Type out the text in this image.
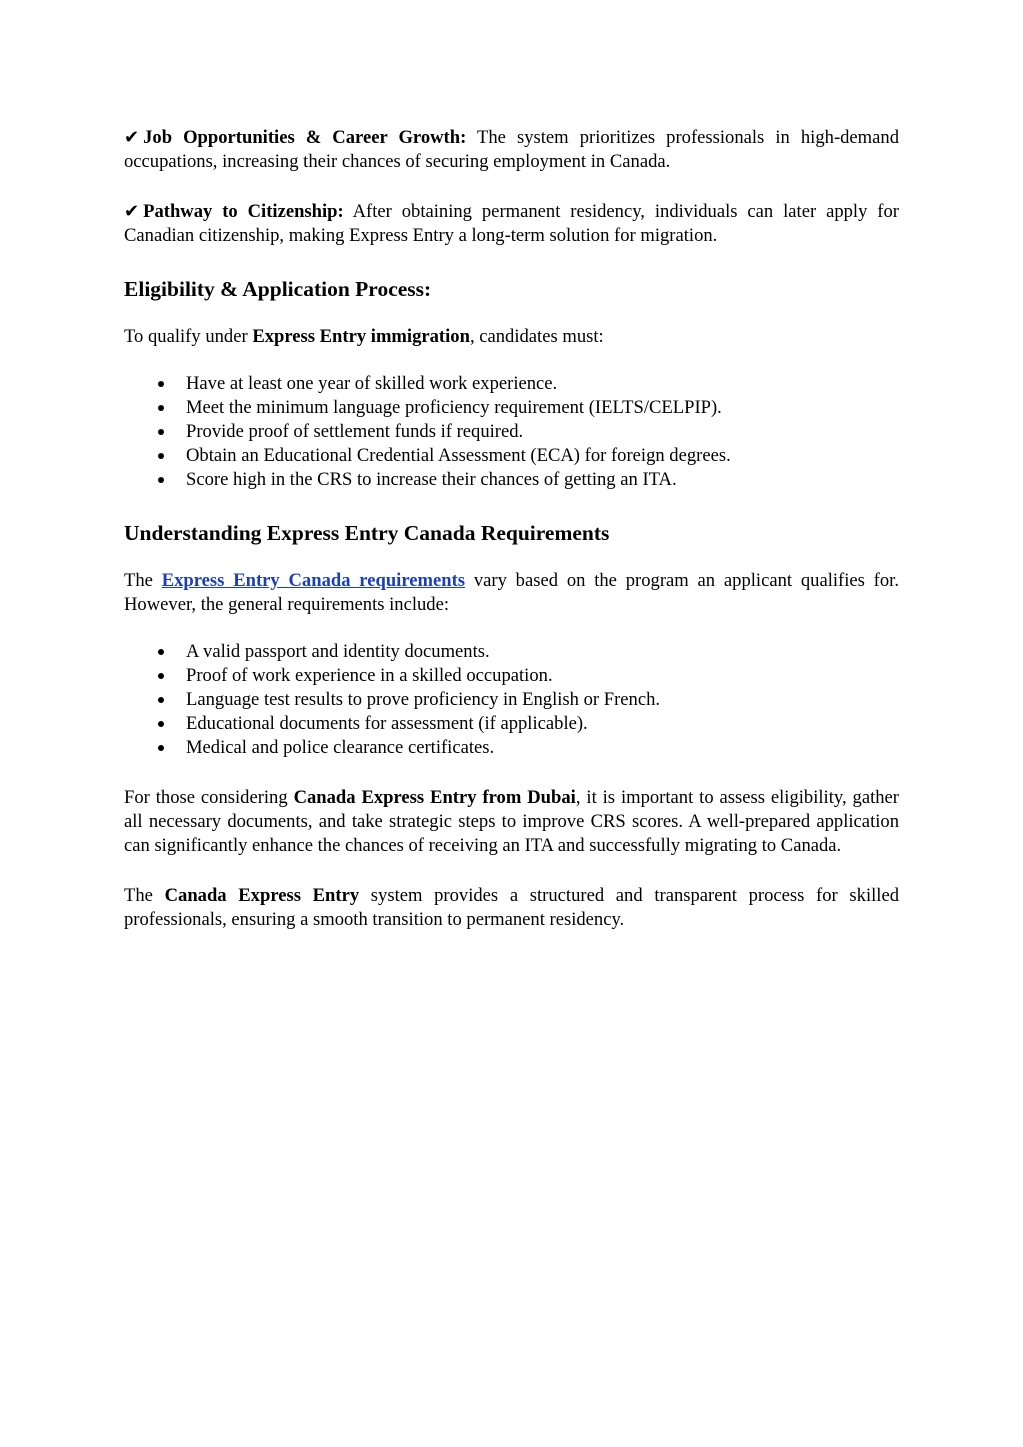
✔ Job Opportunities & Career Growth: The system prioritizes professionals in high-demand occupations, increasing their chances of securing employment in Canada.

✔ Pathway to Citizenship: After obtaining permanent residency, individuals can later apply for Canadian citizenship, making Express Entry a long-term solution for migration.

Eligibility & Application Process:

To qualify under Express Entry immigration, candidates must:

Have at least one year of skilled work experience.
Meet the minimum language proficiency requirement (IELTS/CELPIP).
Provide proof of settlement funds if required.
Obtain an Educational Credential Assessment (ECA) for foreign degrees.
Score high in the CRS to increase their chances of getting an ITA.
Understanding Express Entry Canada Requirements

The Express Entry Canada requirements vary based on the program an applicant qualifies for. However, the general requirements include:

A valid passport and identity documents.
Proof of work experience in a skilled occupation.
Language test results to prove proficiency in English or French.
Educational documents for assessment (if applicable).
Medical and police clearance certificates.

For those considering Canada Express Entry from Dubai, it is important to assess eligibility, gather all necessary documents, and take strategic steps to improve CRS scores. A well-prepared application can significantly enhance the chances of receiving an ITA and successfully migrating to Canada.

The Canada Express Entry system provides a structured and transparent process for skilled professionals, ensuring a smooth transition to permanent residency.
